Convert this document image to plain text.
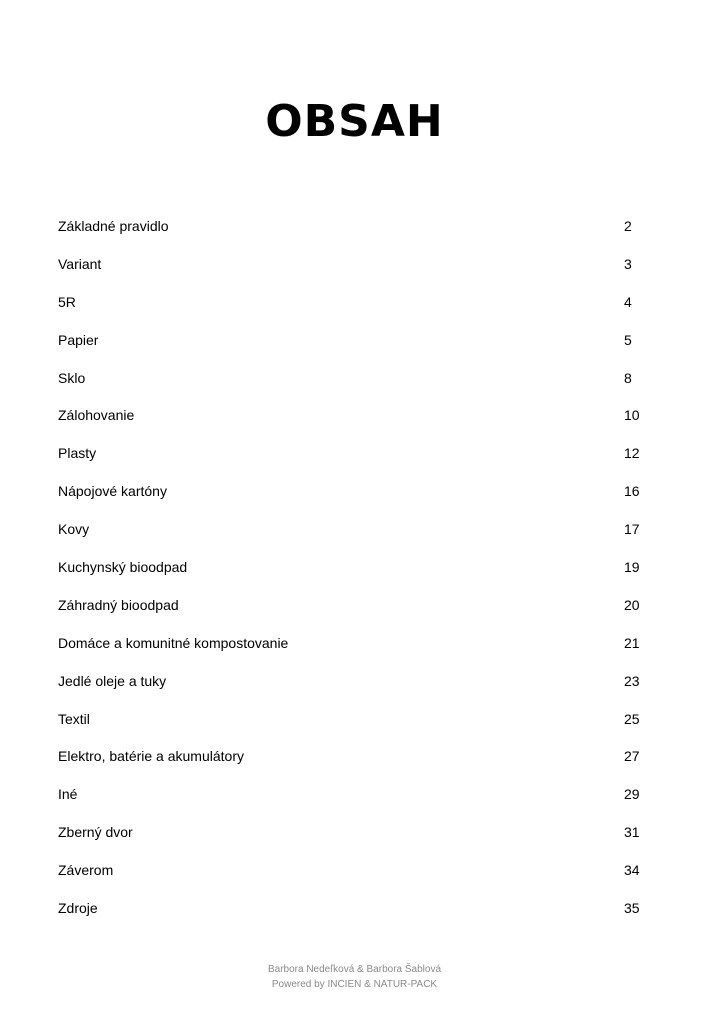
OBSAH
Základné pravidlo	2
Variant	3
5R	4
Papier	5
Sklo	8
Zálohovanie	10
Plasty	12
Nápojové kartóny	16
Kovy	17
Kuchynský bioodpad	19
Záhradný bioodpad	20
Domáce a komunitné kompostovanie	21
Jedlé oleje a tuky	23
Textil	25
Elektro, batérie a akumulátory	27
Iné	29
Zberný dvor	31
Záverom	34
Zdroje	35
Barbora Nedeľková & Barbora Šablová
Powered by INCIEN & NATUR-PACK
